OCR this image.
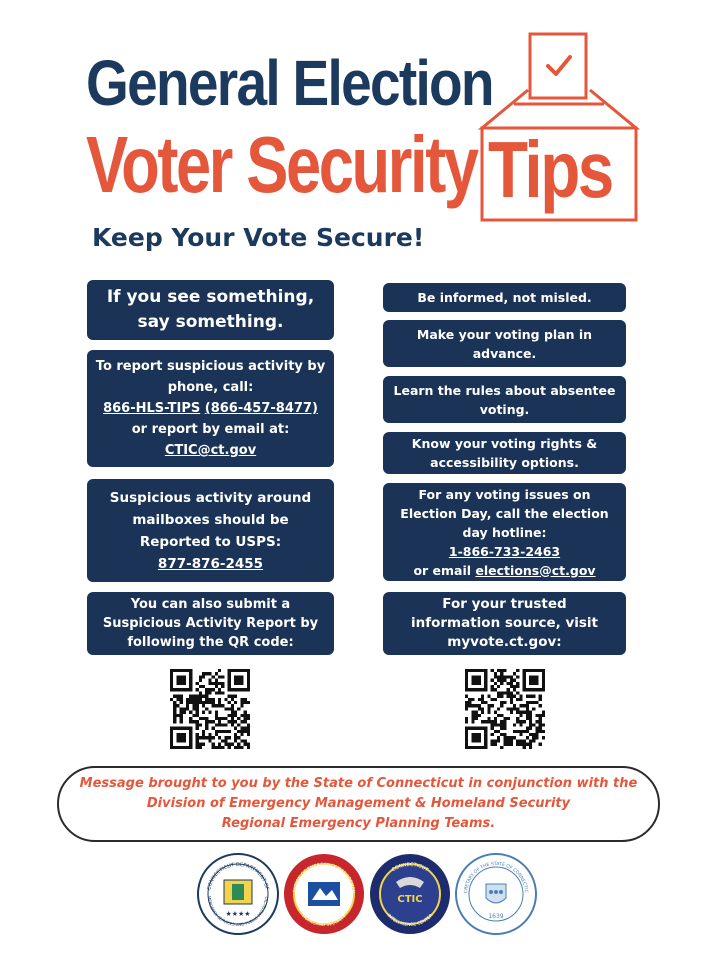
General Election
Voter Security Tips
Keep Your Vote Secure!
If you see something,
say something.
To report suspicious activity by
phone, call:
866-HLS-TIPS (866-457-8477)
or report by email at:
CTIC@ct.gov
Suspicious activity around
mailboxes should be
Reported to USPS:
877-876-2455
You can also submit a
Suspicious Activity Report by
following the QR code:
Be informed, not misled.
Make your voting plan in
advance.
Learn the rules about absentee
voting.
Know your voting rights &
accessibility options.
For any voting issues on
Election Day, call the election
day hotline:
1-866-733-2463
or email elections@ct.gov
For your trusted
information source, visit
myvote.ct.gov:
Message brought to you by the State of Connecticut in conjunction with the
Division of Emergency Management & Homeland Security
Regional Emergency Planning Teams.
CONNECTICUT DEPARTMENT OF
MERGENCY SERVICES AND PUBLIC PROTECTIO
★★★★
IVISION OF EMERGENCY MANAGEMEN
HOMELAND SECURITY
CONNECTICUT
INTELLIGENCE CENTER
CTIC
CRETARY OF THE STATE OF CONNECTIC
1639
